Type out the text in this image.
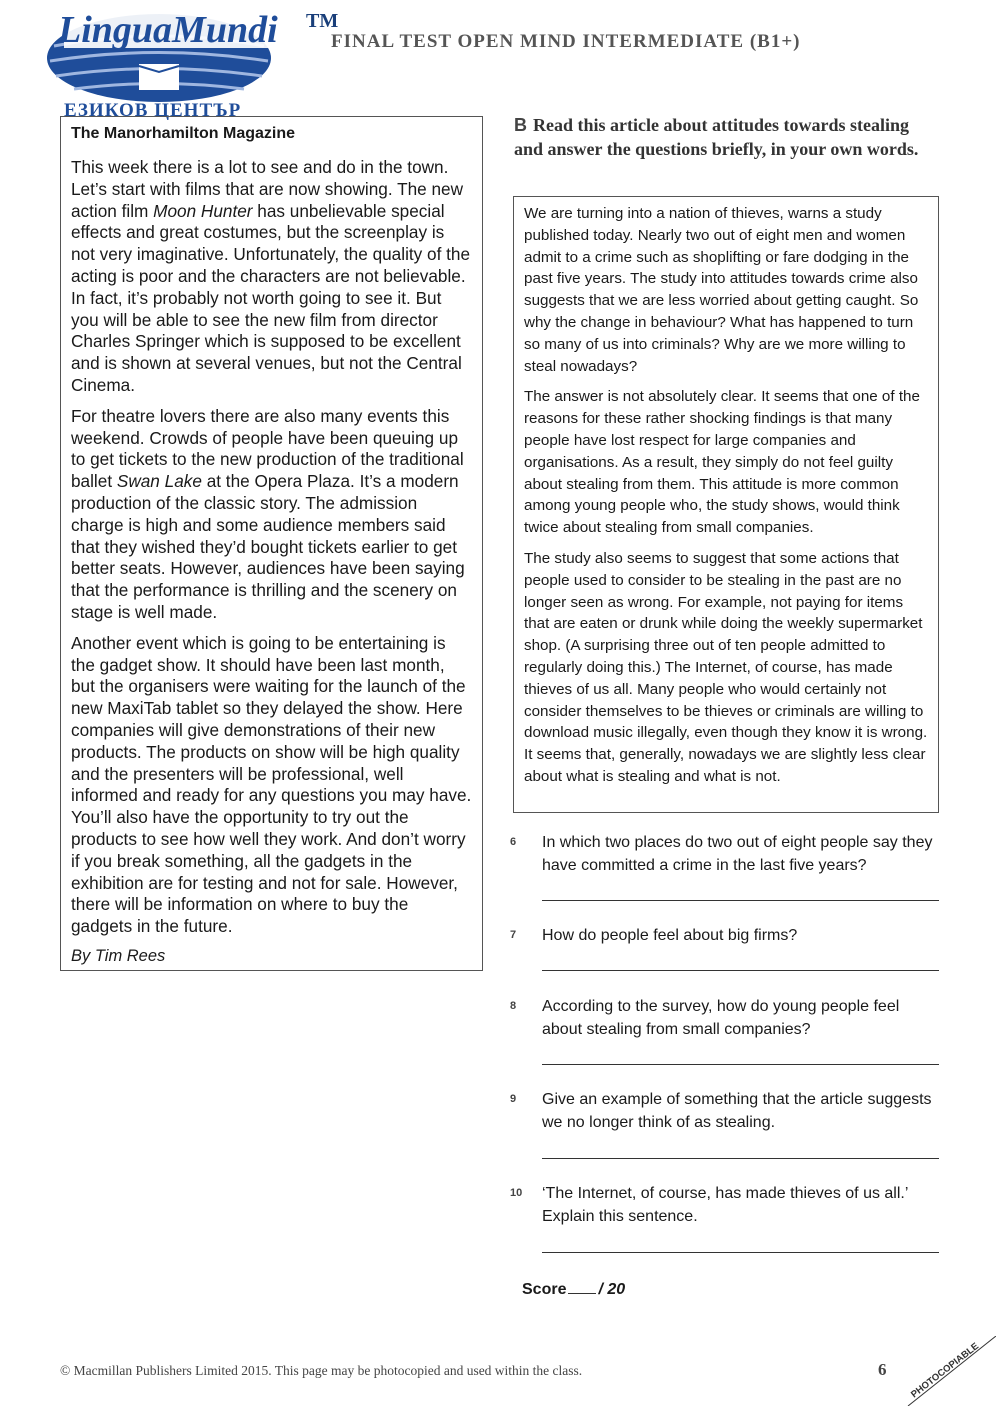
LinguaMundi TM
ЕЗИКОВ ЦЕНТЪР
FINAL TEST OPEN MIND INTERMEDIATE (B1+)
The Manorhamilton Magazine

This week there is a lot to see and do in the town. Let’s start with films that are now showing. The new action film Moon Hunter has unbelievable special effects and great costumes, but the screenplay is not very imaginative. Unfortunately, the quality of the acting is poor and the characters are not believable. In fact, it’s probably not worth going to see it. But you will be able to see the new film from director Charles Springer which is supposed to be excellent and is shown at several venues, but not the Central Cinema.

For theatre lovers there are also many events this weekend. Crowds of people have been queuing up to get tickets to the new production of the traditional ballet Swan Lake at the Opera Plaza. It’s a modern production of the classic story. The admission charge is high and some audience members said that they wished they’d bought tickets earlier to get better seats. However, audiences have been saying that the performance is thrilling and the scenery on stage is well made.

Another event which is going to be entertaining is the gadget show. It should have been last month, but the organisers were waiting for the launch of the new MaxiTab tablet so they delayed the show. Here companies will give demonstrations of their new products. The products on show will be high quality and the presenters will be professional, well informed and ready for any questions you may have. You’ll also have the opportunity to try out the products to see how well they work. And don’t worry if you break something, all the gadgets in the exhibition are for testing and not for sale. However, there will be information on where to buy the gadgets in the future.

By Tim Rees
B Read this article about attitudes towards stealing and answer the questions briefly, in your own words.

We are turning into a nation of thieves, warns a study published today. Nearly two out of eight men and women admit to a crime such as shoplifting or fare dodging in the past five years. The study into attitudes towards crime also suggests that we are less worried about getting caught. So why the change in behaviour? What has happened to turn so many of us into criminals? Why are we more willing to steal nowadays?

The answer is not absolutely clear. It seems that one of the reasons for these rather shocking findings is that many people have lost respect for large companies and organisations. As a result, they simply do not feel guilty about stealing from them. This attitude is more common among young people who, the study shows, would think twice about stealing from small companies.

The study also seems to suggest that some actions that people used to consider to be stealing in the past are no longer seen as wrong. For example, not paying for items that are eaten or drunk while doing the weekly supermarket shop. (A surprising three out of ten people admitted to regularly doing this.) The Internet, of course, has made thieves of us all. Many people who would certainly not consider themselves to be thieves or criminals are willing to download music illegally, even though they know it is wrong. It seems that, generally, nowadays we are slightly less clear about what is stealing and what is not.

6 In which two places do two out of eight people say they have committed a crime in the last five years?
7 How do people feel about big firms?
8 According to the survey, how do young people feel about stealing from small companies?
9 Give an example of something that the article suggests we no longer think of as stealing.
10 ‘The Internet, of course, has made thieves of us all.’ Explain this sentence.
Score / 20
© Macmillan Publishers Limited 2015. This page may be photocopied and used within the class.	6 PHOTOCOPIABLE
